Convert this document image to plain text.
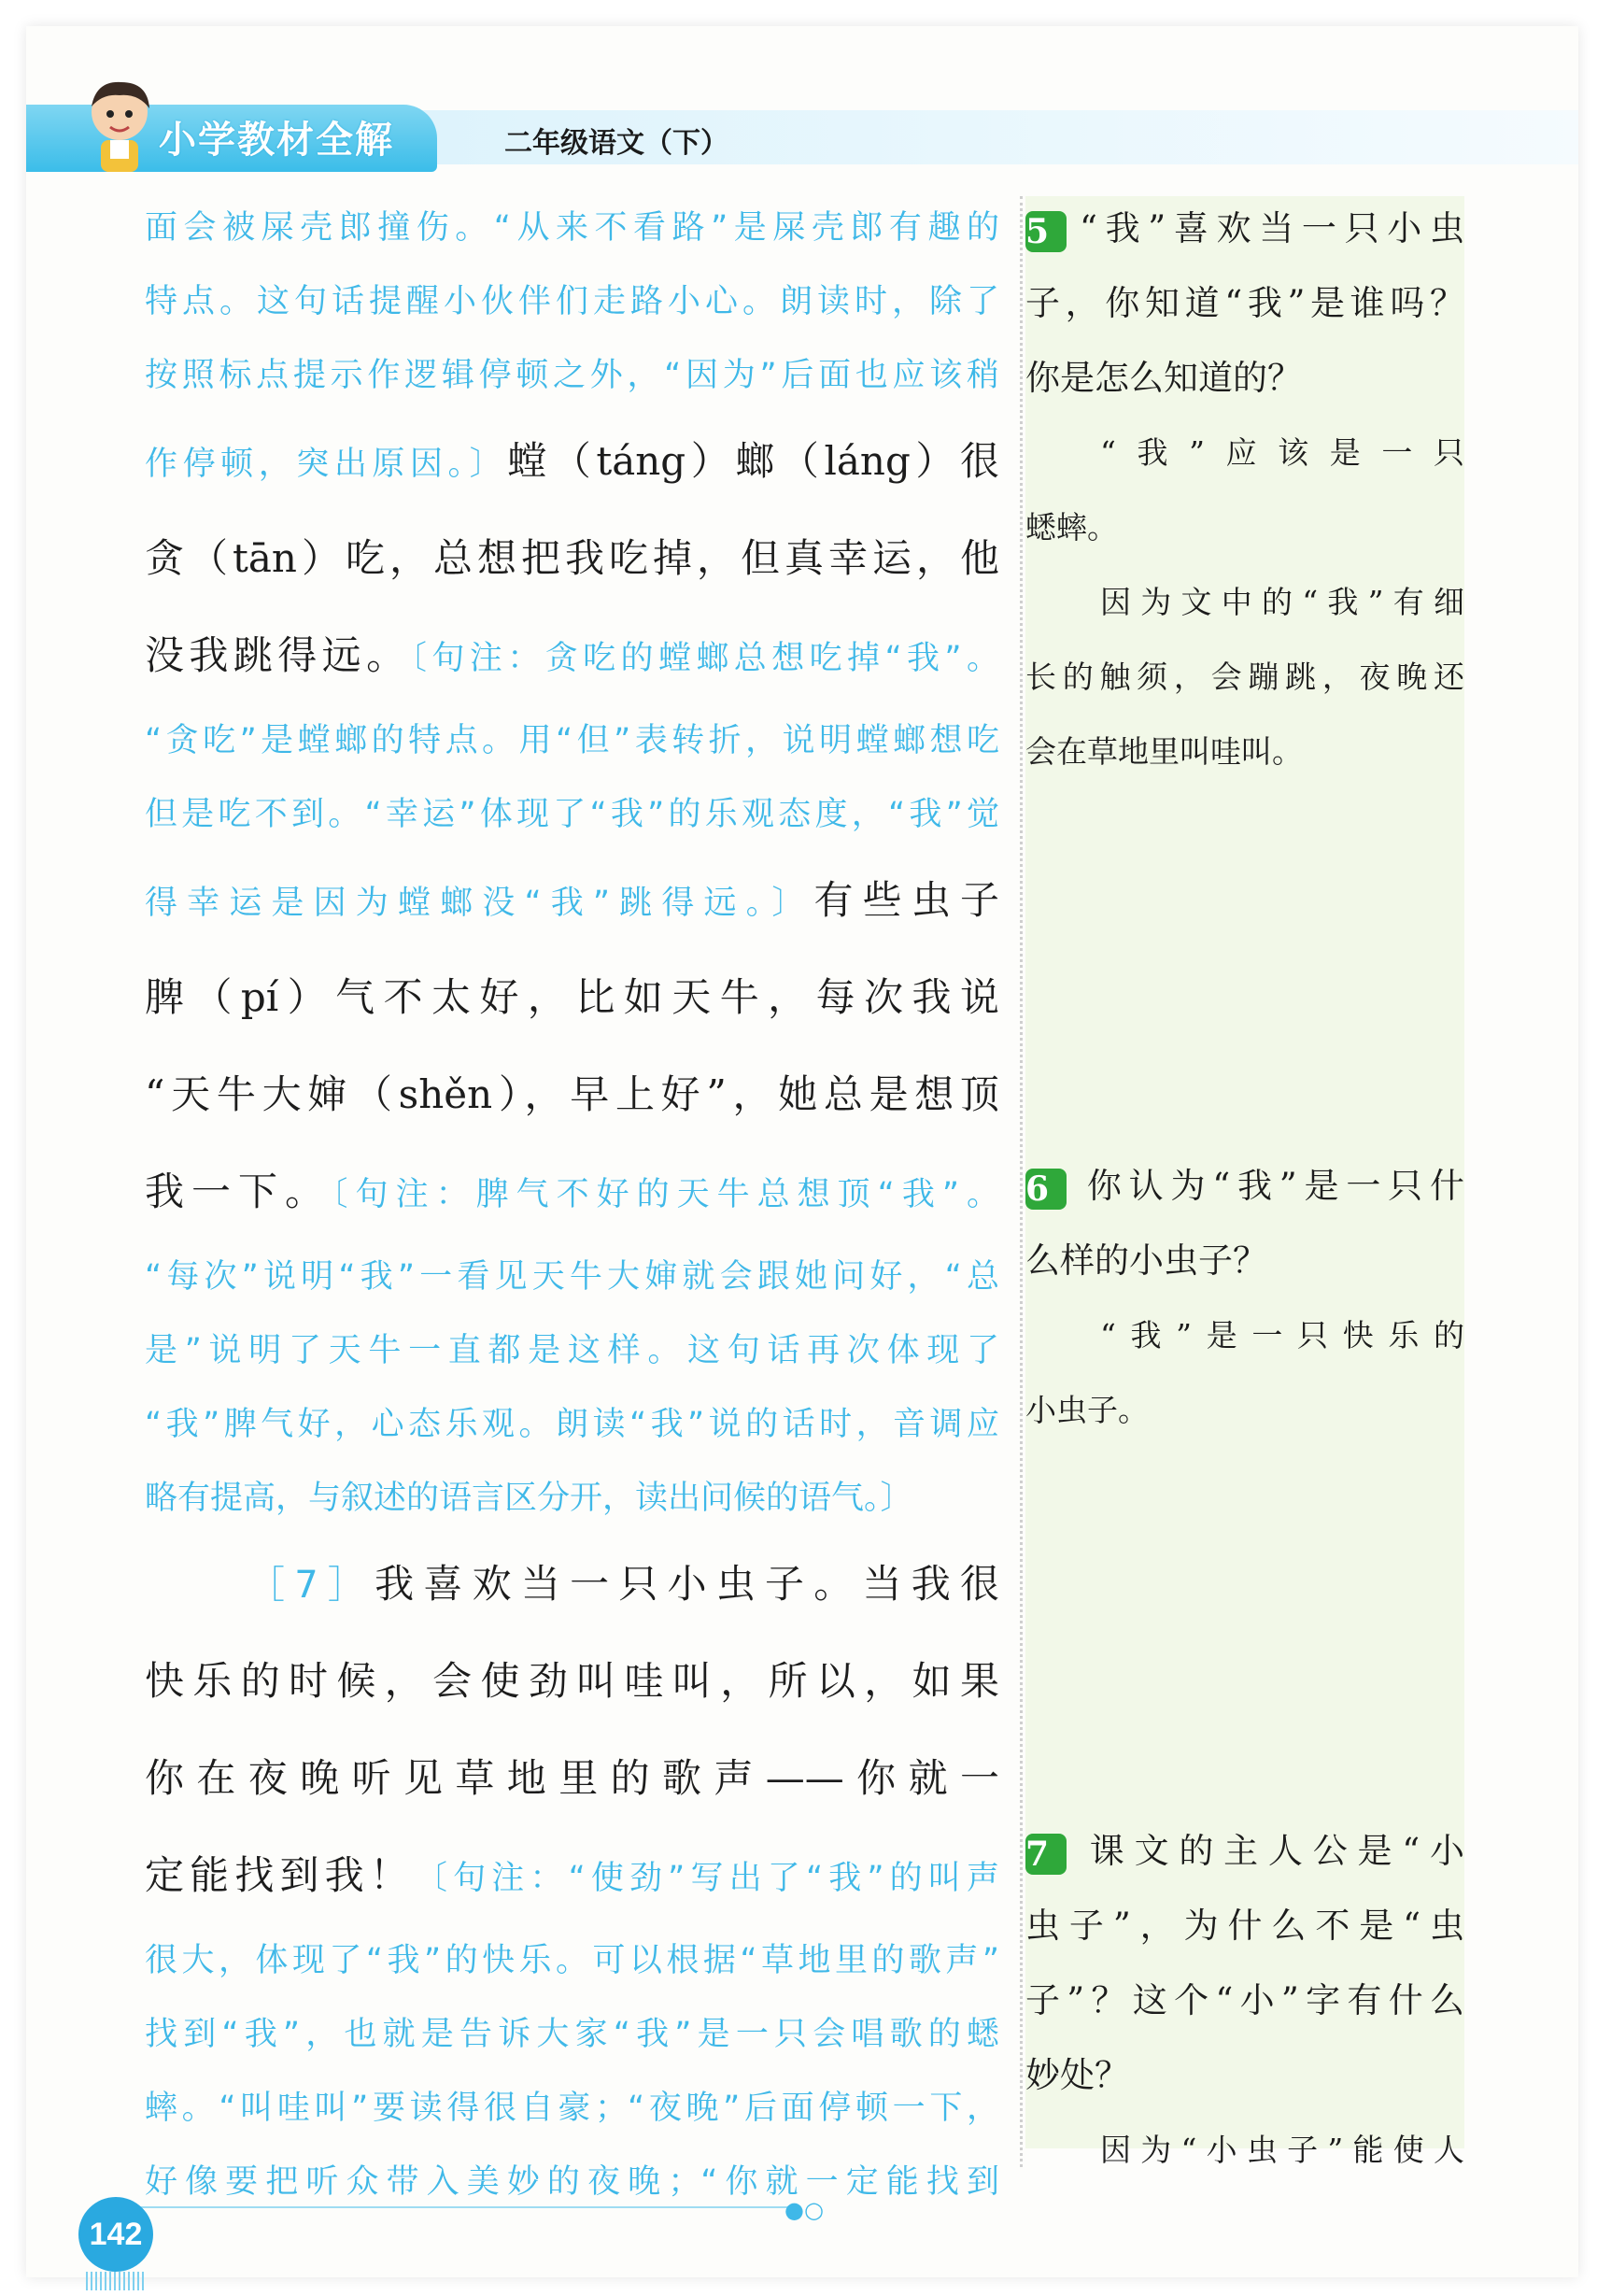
小学教材全解	二年级语文（下）
面会被屎壳郎撞伤。“从来不看路”是屎壳郎有趣的
特点。这句话提醒小伙伴们走路小心。朗读时，除了
按照标点提示作逻辑停顿之外，“因为”后面也应该稍
作停顿，突出原因。〕螳（táng）螂（láng）很
贪（tān）吃，总想把我吃掉，但真幸运，他
没我跳得远。〔句注：贪吃的螳螂总想吃掉“我”。
“贪吃”是螳螂的特点。用“但”表转折，说明螳螂想吃
但是吃不到。“幸运”体现了“我”的乐观态度，“我”觉
得幸运是因为螳螂没“我”跳得远。〕有些虫子
脾（pí）气不太好，比如天牛，每次我说
“天牛大婶（shěn），早上好”，她总是想顶
我一下。〔句注：脾气不好的天牛总想顶“我”。
“每次”说明“我”一看见天牛大婶就会跟她问好，“总
是”说明了天牛一直都是这样。这句话再次体现了
“我”脾气好，心态乐观。朗读“我”说的话时，音调应
略有提高，与叙述的语言区分开，读出问候的语气。〕
［7］我喜欢当一只小虫子。当我很
快乐的时候，会使劲叫哇叫，所以，如果
你在夜晚听见草地里的歌声——你就一
定能找到我！〔句注：“使劲”写出了“我”的叫声
很大，体现了“我”的快乐。可以根据“草地里的歌声”
找到“我”，也就是告诉大家“我”是一只会唱歌的蟋
蟀。“叫哇叫”要读得很自豪；“夜晚”后面停顿一下，
好像要把听众带入美妙的夜晚；“你就一定能找到
5 “我”喜欢当一只小虫
子，你知道“我”是谁吗？
你是怎么知道的？
“我”应该是一只
蟋蟀。
因为文中的“我”有细
长的触须，会蹦跳，夜晚还
会在草地里叫哇叫。
6 你认为“我”是一只什
么样的小虫子？
“我”是一只快乐的
小虫子。
7 课文的主人公是“小
虫子”，为什么不是“虫
子”？这个“小”字有什么
妙处？
因为“小虫子”能使人
●○
142
